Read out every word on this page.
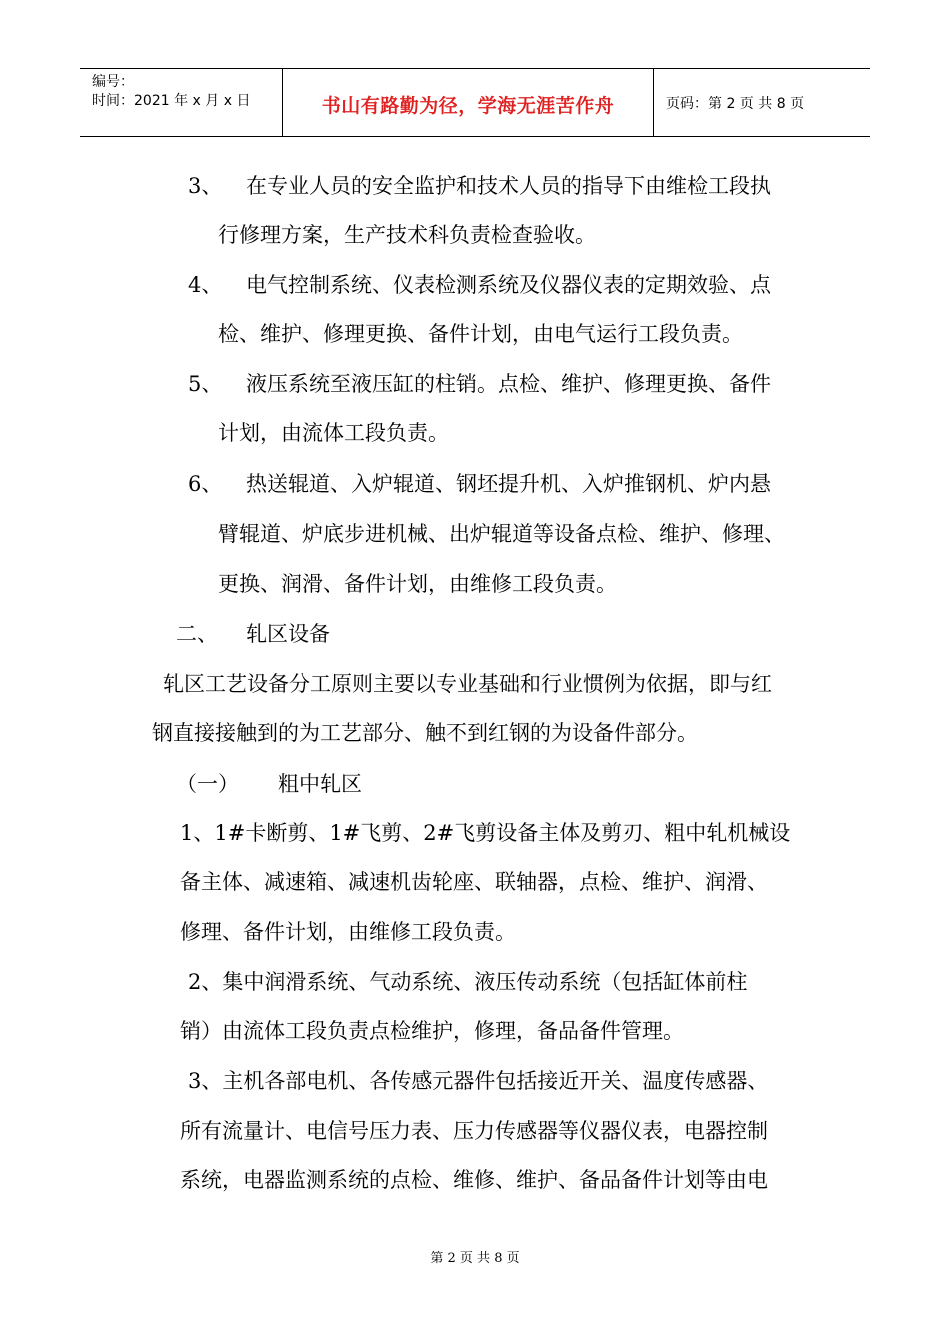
编号：
时间：2021 年 x 月 x 日	书山有路勤为径，学海无涯苦作舟	页码：第 2 页 共 8 页
3、 在专业人员的安全监护和技术人员的指导下由维检工段执
行修理方案，生产技术科负责检查验收。
4、 电气控制系统、仪表检测系统及仪器仪表的定期效验、点
检、维护、修理更换、备件计划，由电气运行工段负责。
5、 液压系统至液压缸的柱销。点检、维护、修理更换、备件
计划，由流体工段负责。
6、 热送辊道、入炉辊道、钢坯提升机、入炉推钢机、炉内悬
臂辊道、炉底步进机械、出炉辊道等设备点检、维护、修理、
更换、润滑、备件计划，由维修工段负责。
二、 轧区设备
轧区工艺设备分工原则主要以专业基础和行业惯例为依据，即与红
钢直接接触到的为工艺部分、触不到红钢的为设备件部分。
（一） 粗中轧区
1、1#卡断剪、1#飞剪、2#飞剪设备主体及剪刃、粗中轧机械设
备主体、减速箱、减速机齿轮座、联轴器，点检、维护、润滑、
修理、备件计划，由维修工段负责。
2、集中润滑系统、气动系统、液压传动系统（包括缸体前柱
销）由流体工段负责点检维护，修理，备品备件管理。
3、主机各部电机、各传感元器件包括接近开关、温度传感器、
所有流量计、电信号压力表、压力传感器等仪器仪表，电器控制
系统，电器监测系统的点检、维修、维护、备品备件计划等由电
第 2 页 共 8 页
